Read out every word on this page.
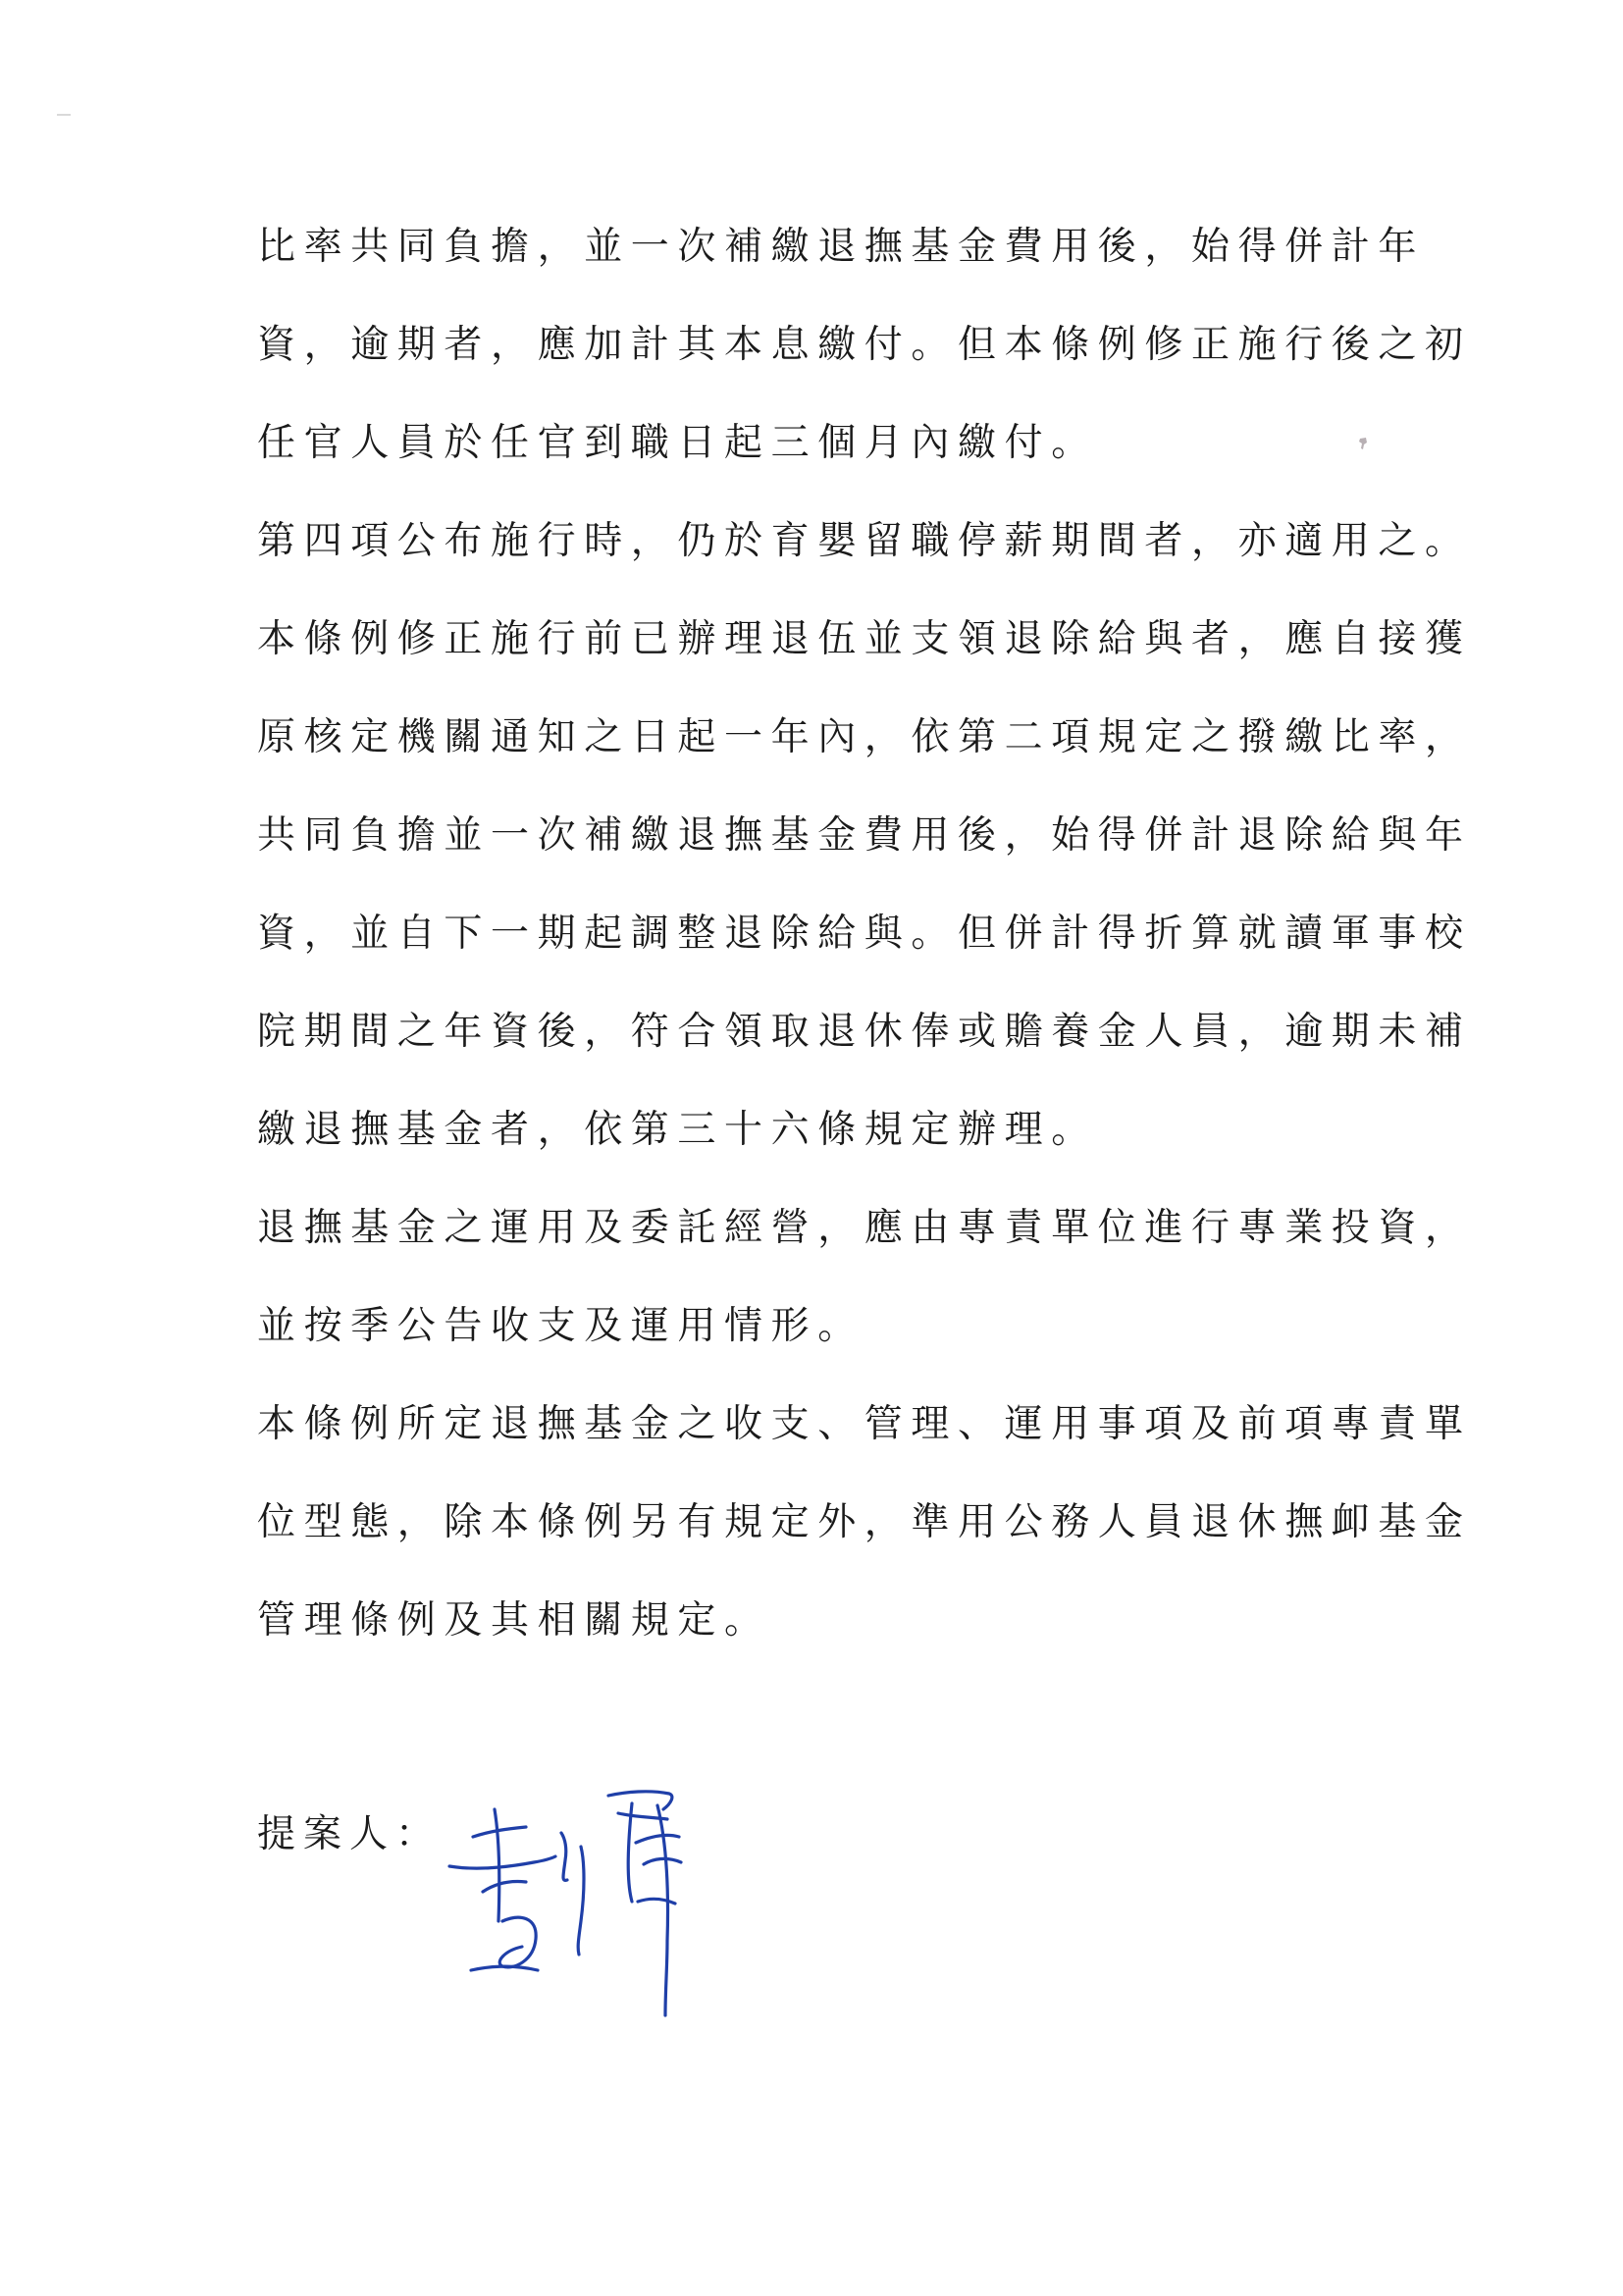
比率共同負擔，並一次補繳退撫基金費用後，始得併計年
資，逾期者，應加計其本息繳付。但本條例修正施行後之初
任官人員於任官到職日起三個月內繳付。
第四項公布施行時，仍於育嬰留職停薪期間者，亦適用之。
本條例修正施行前已辦理退伍並支領退除給與者，應自接獲
原核定機關通知之日起一年內，依第二項規定之撥繳比率，
共同負擔並一次補繳退撫基金費用後，始得併計退除給與年
資，並自下一期起調整退除給與。但併計得折算就讀軍事校
院期間之年資後，符合領取退休俸或贍養金人員，逾期未補
繳退撫基金者，依第三十六條規定辦理。
退撫基金之運用及委託經營，應由專責單位進行專業投資，
並按季公告收支及運用情形。
本條例所定退撫基金之收支、管理、運用事項及前項專責單
位型態，除本條例另有規定外，準用公務人員退休撫卹基金
管理條例及其相關規定。
提案人：
